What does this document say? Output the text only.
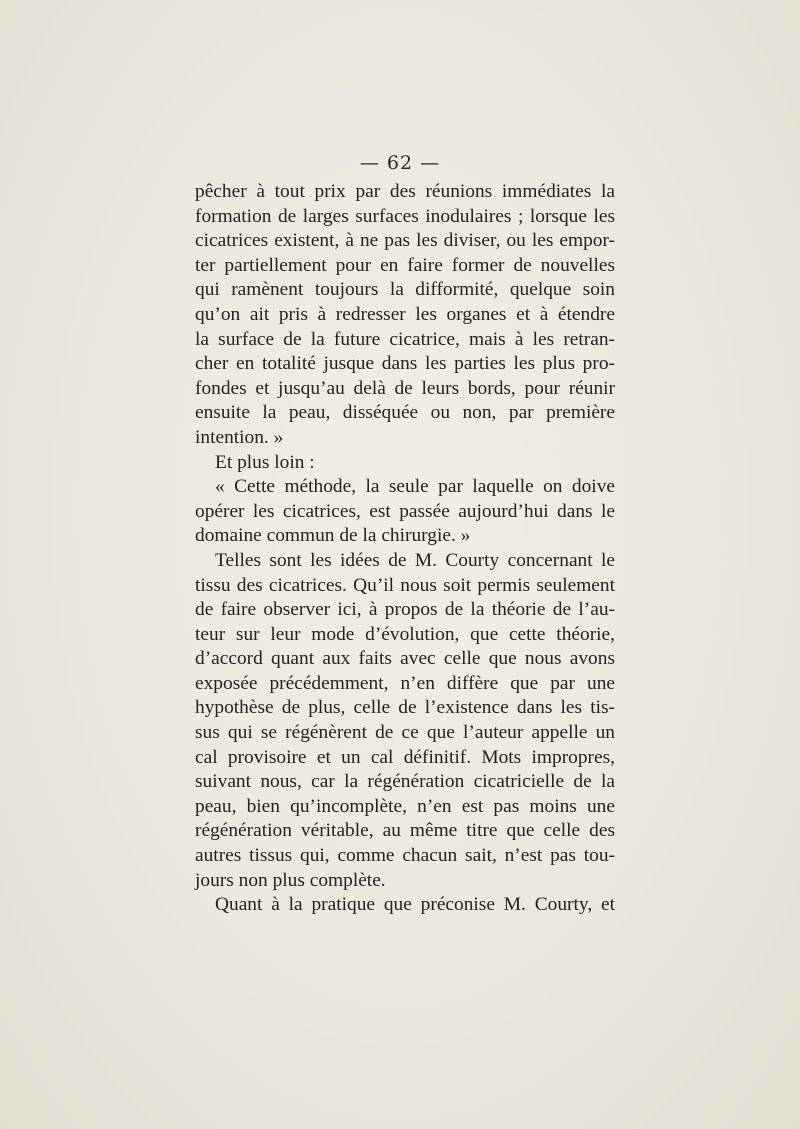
— 62 —
pêcher à tout prix par des réunions immédiates la
formation de larges surfaces inodulaires ; lorsque les
cicatrices existent, à ne pas les diviser, ou les empor-
ter partiellement pour en faire former de nouvelles
qui ramènent toujours la difformité, quelque soin
qu’on ait pris à redresser les organes et à étendre
la surface de la future cicatrice, mais à les retran-
cher en totalité jusque dans les parties les plus pro-
fondes et jusqu’au delà de leurs bords, pour réunir
ensuite la peau, disséquée ou non, par première
intention. »
Et plus loin :
« Cette méthode, la seule par laquelle on doive
opérer les cicatrices, est passée aujourd’hui dans le
domaine commun de la chirurgie. »
Telles sont les idées de M. Courty concernant le
tissu des cicatrices. Qu’il nous soit permis seulement
de faire observer ici, à propos de la théorie de l’au-
teur sur leur mode d’évolution, que cette théorie,
d’accord quant aux faits avec celle que nous avons
exposée précédemment, n’en diffère que par une
hypothèse de plus, celle de l’existence dans les tis-
sus qui se régénèrent de ce que l’auteur appelle un
cal provisoire et un cal définitif. Mots impropres,
suivant nous, car la régénération cicatricielle de la
peau, bien qu’incomplète, n’en est pas moins une
régénération véritable, au même titre que celle des
autres tissus qui, comme chacun sait, n’est pas tou-
jours non plus complète.
Quant à la pratique que préconise M. Courty, et
